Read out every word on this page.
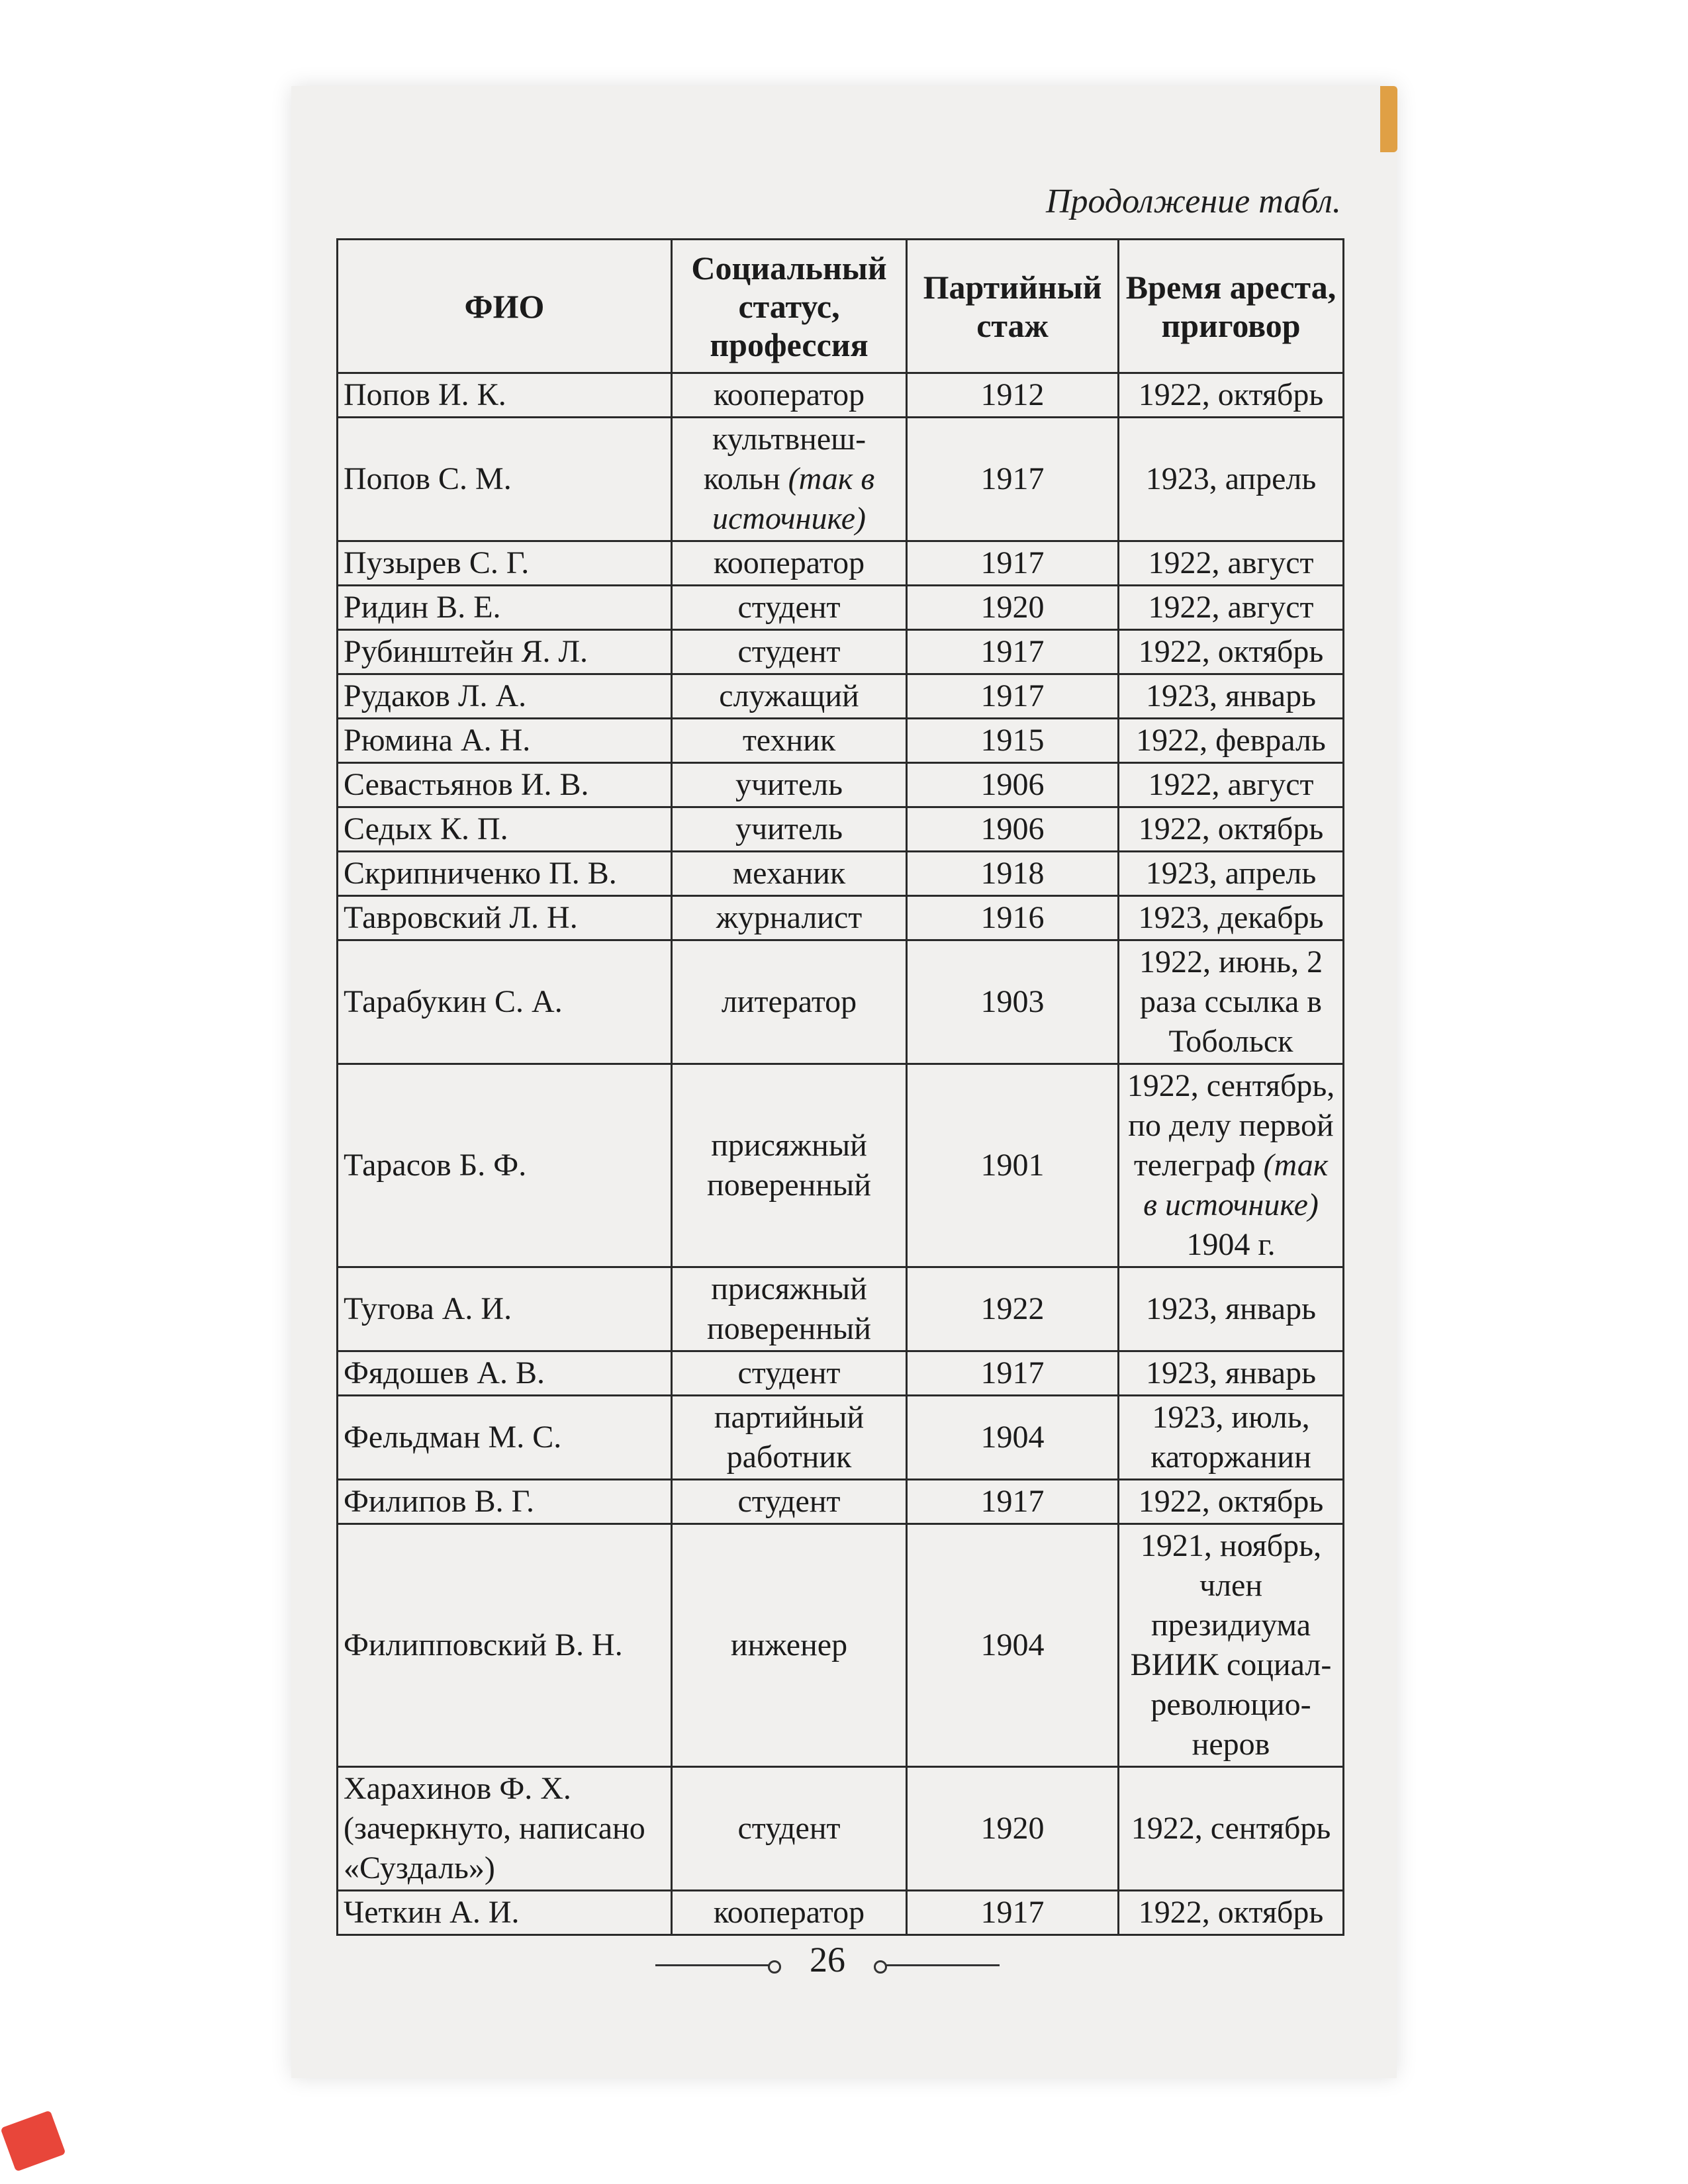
Продолжение табл.
ФИО	Социальный статус, профессия	Партийный стаж	Время ареста, приговор
Попов И. К.	кооператор	1912	1922, октябрь
Попов С. М.	культвнеш-кольн (так в источнике)	1917	1923, апрель
Пузырев С. Г.	кооператор	1917	1922, август
Ридин В. Е.	студент	1920	1922, август
Рубинштейн Я. Л.	студент	1917	1922, октябрь
Рудаков Л. А.	служащий	1917	1923, январь
Рюмина А. Н.	техник	1915	1922, февраль
Севастьянов И. В.	учитель	1906	1922, август
Седых К. П.	учитель	1906	1922, октябрь
Скрипниченко П. В.	механик	1918	1923, апрель
Тавровский Л. Н.	журналист	1916	1923, декабрь
Тарабукин С. А.	литератор	1903	1922, июнь, 2 раза ссылка в Тобольск
Тарасов Б. Ф.	присяжный поверенный	1901	1922, сентябрь, по делу первой телеграф (так в источнике) 1904 г.
Тугова А. И.	присяжный поверенный	1922	1923, январь
Фядошев А. В.	студент	1917	1923, январь
Фельдман М. С.	партийный работник	1904	1923, июль, каторжанин
Филипов В. Г.	студент	1917	1922, октябрь
Филипповский В. Н.	инженер	1904	1921, ноябрь, член президиума ВИИК социал-революцио-неров
Харахинов Ф. Х. (зачеркнуто, написано «Суздаль»)	студент	1920	1922, сентябрь
Четкин А. И.	кооператор	1917	1922, октябрь
26
